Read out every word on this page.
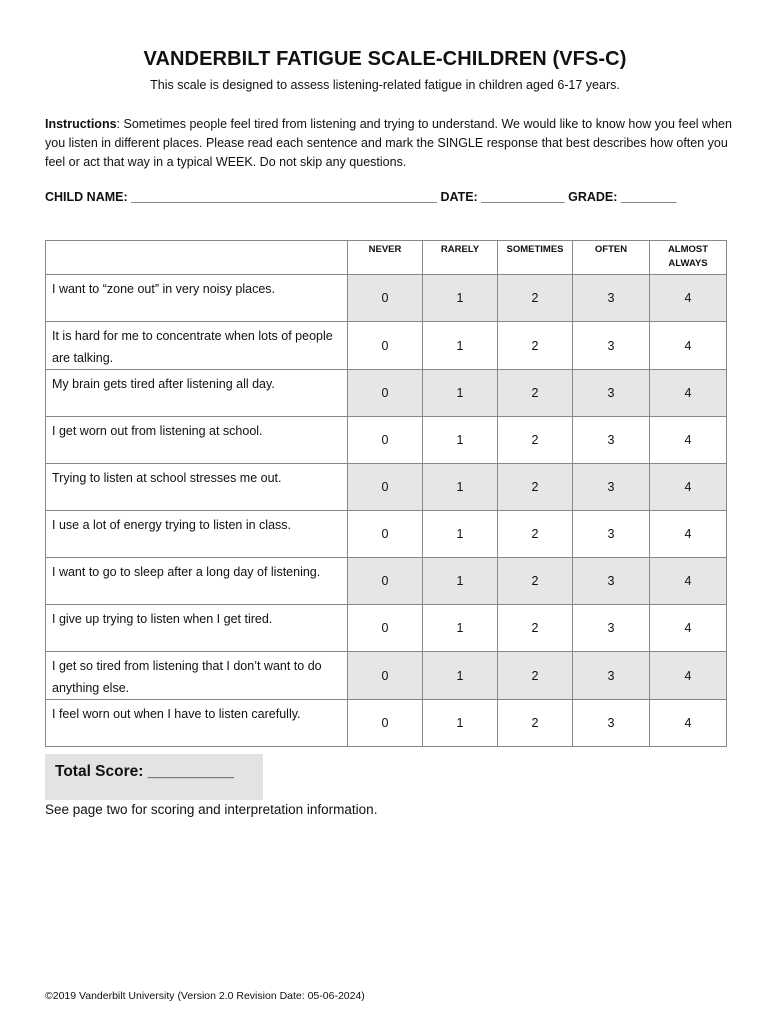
VANDERBILT FATIGUE SCALE-CHILDREN (VFS-C)
This scale is designed to assess listening-related fatigue in children aged 6-17 years.
Instructions: Sometimes people feel tired from listening and trying to understand. We would like to know how you feel when you listen in different places. Please read each sentence and mark the SINGLE response that best describes how often you feel or act that way in a typical WEEK. Do not skip any questions.
CHILD NAME: ____________________________________________ DATE: ____________ GRADE: ________
	NEVER	RARELY	SOMETIMES	OFTEN	ALMOST ALWAYS
I want to “zone out” in very noisy places.	0	1	2	3	4
It is hard for me to concentrate when lots of people are talking.	0	1	2	3	4
My brain gets tired after listening all day.	0	1	2	3	4
I get worn out from listening at school.	0	1	2	3	4
Trying to listen at school stresses me out.	0	1	2	3	4
I use a lot of energy trying to listen in class.	0	1	2	3	4
I want to go to sleep after a long day of listening.	0	1	2	3	4
I give up trying to listen when I get tired.	0	1	2	3	4
I get so tired from listening that I don’t want to do anything else.	0	1	2	3	4
I feel worn out when I have to listen carefully.	0	1	2	3	4
Total Score: __________
See page two for scoring and interpretation information.
©2019 Vanderbilt University (Version 2.0 Revision Date: 05-06-2024)
